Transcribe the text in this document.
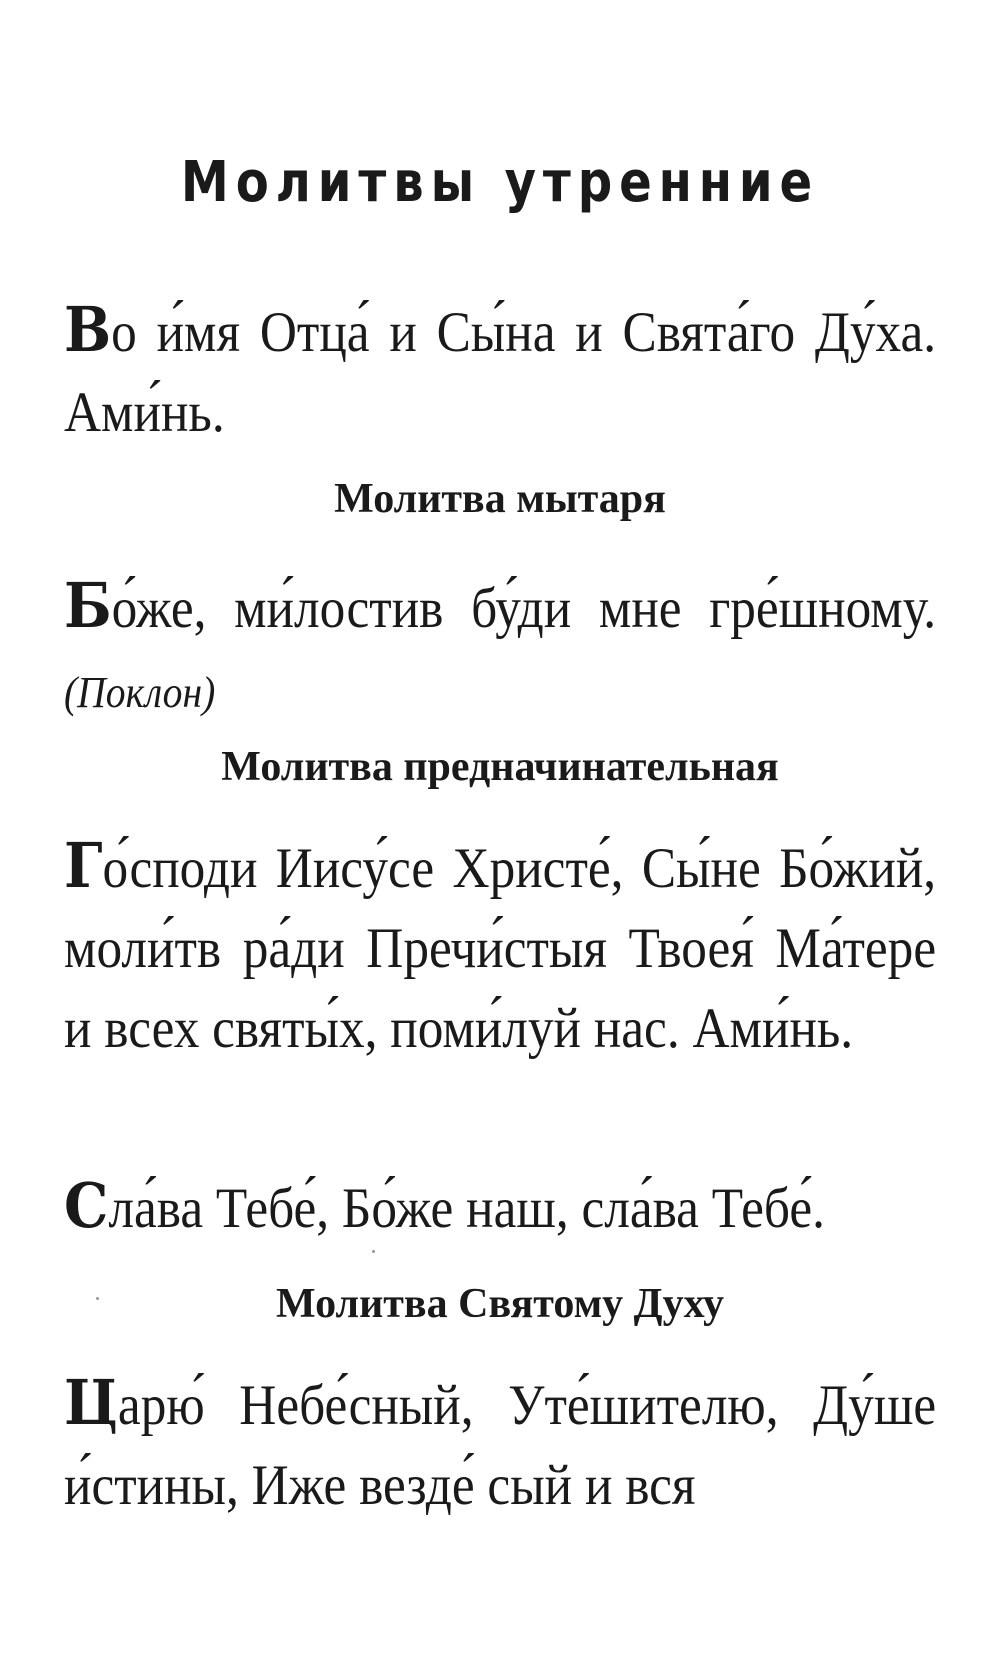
Молитвы утренние

Во и́мя Отца́ и Сы́на и Свята́го Ду́ха. Ами́нь.

Молитва мытаря

Бо́же, ми́лостив бу́ди мне гре́шному. (Поклон)

Молитва предначинательная

Го́споди Иису́се Христе́, Сы́не Бо́жий, моли́тв ра́ди Пречи́стыя Твоея́ Ма́тере и всех святы́х, поми́луй нас. Ами́нь.

Сла́ва Тебе́, Бо́же наш, сла́ва Тебе́.

Молитва Святому Духу

Царю́ Небе́сный, Уте́шителю, Ду́ше и́стины, Иже везде́ сый и вся
